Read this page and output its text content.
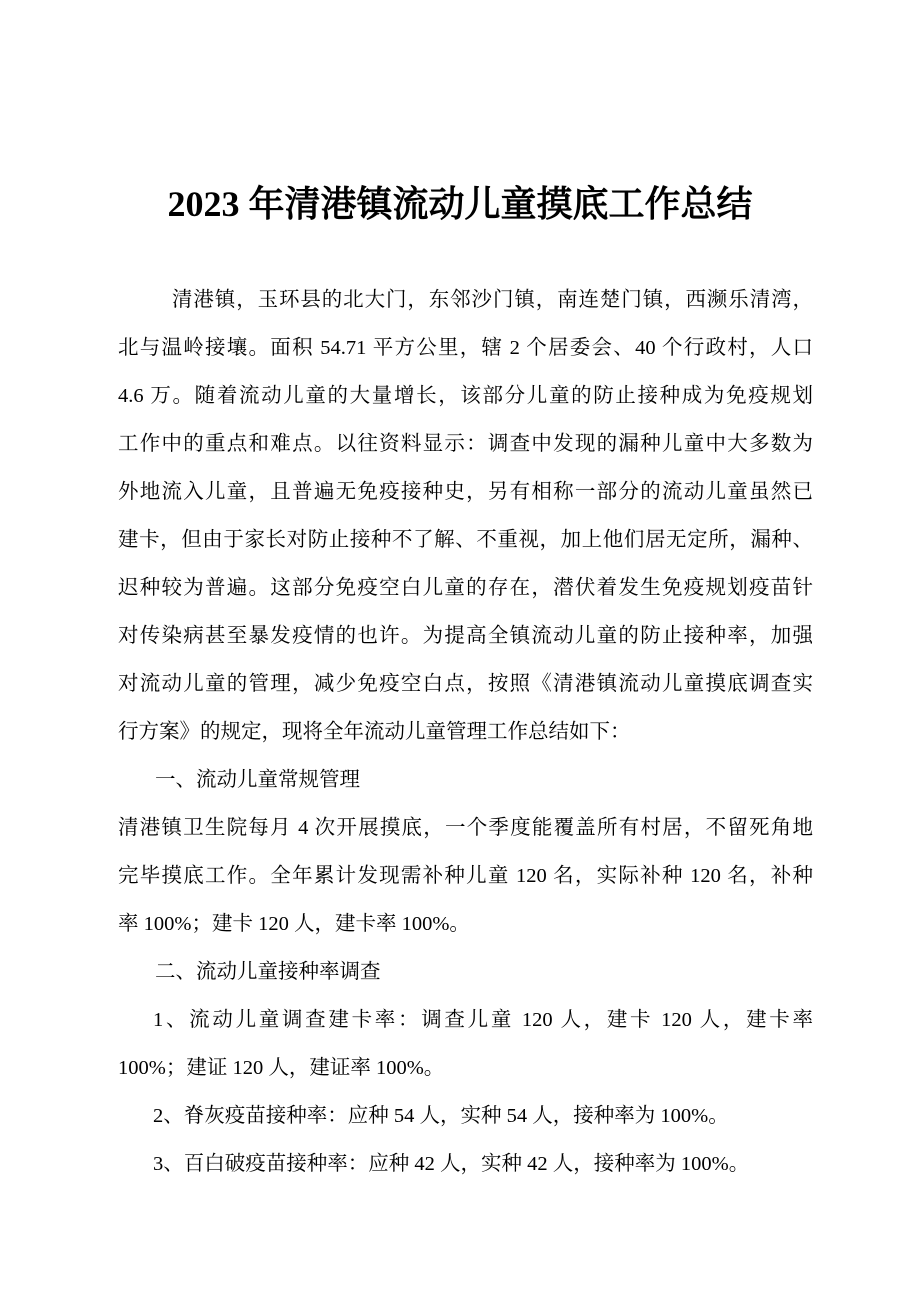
2023 年清港镇流动儿童摸底工作总结
清港镇，玉环县的北大门，东邻沙门镇，南连楚门镇，西濒乐清湾，
北与温岭接壤。面积 54.71 平方公里，辖 2 个居委会、40 个行政村，人口
4.6 万。随着流动儿童的大量增长，该部分儿童的防止接种成为免疫规划
工作中的重点和难点。以往资料显示：调查中发现的漏种儿童中大多数为
外地流入儿童，且普遍无免疫接种史，另有相称一部分的流动儿童虽然已
建卡，但由于家长对防止接种不了解、不重视，加上他们居无定所，漏种、
迟种较为普遍。这部分免疫空白儿童的存在，潜伏着发生免疫规划疫苗针
对传染病甚至暴发疫情的也许。为提高全镇流动儿童的防止接种率，加强
对流动儿童的管理，减少免疫空白点，按照《清港镇流动儿童摸底调查实
行方案》的规定，现将全年流动儿童管理工作总结如下：
一、流动儿童常规管理
清港镇卫生院每月 4 次开展摸底，一个季度能覆盖所有村居，不留死角地
完毕摸底工作。全年累计发现需补种儿童 120 名，实际补种 120 名，补种
率 100%；建卡 120 人，建卡率 100%。
二、流动儿童接种率调查
1、流动儿童调查建卡率：调查儿童 120 人，建卡 120 人，建卡率
100%；建证 120 人，建证率 100%。
2、脊灰疫苗接种率：应种 54 人，实种 54 人，接种率为 100%。
3、百白破疫苗接种率：应种 42 人，实种 42 人，接种率为 100%。
